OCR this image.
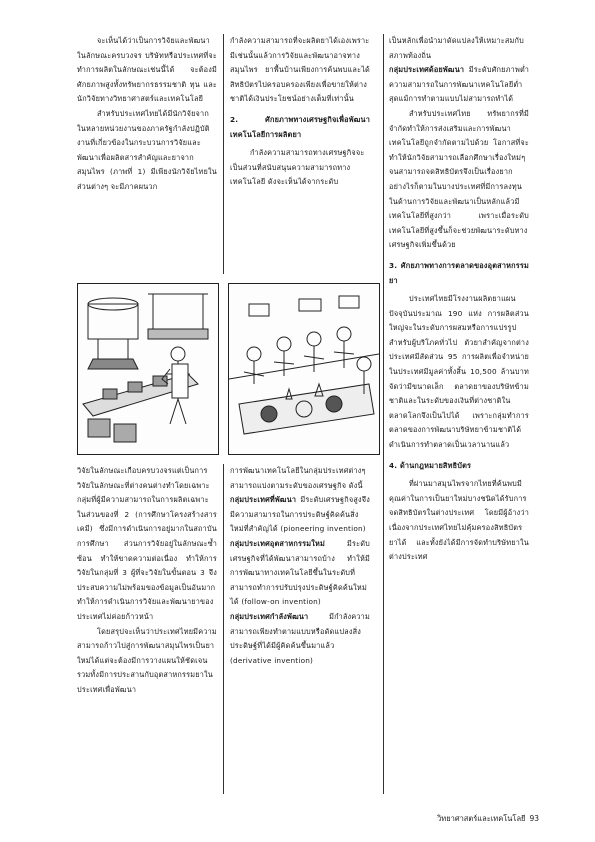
จะเห็นได้ว่าเป็นการวิจัยและพัฒนาในลักษณะครบวงจร บริษัทหรือประเทศที่จะทำการผลิตในลักษณะเช่นนี้ได้ จะต้องมีศักยภาพสูงทั้งทรัพยากรธรรมชาติ ทุน และนักวิจัยทางวิทยาศาสตร์และเทคโนโลยี

สำหรับประเทศไทยได้มีนักวิจัยจากในหลายหน่วยงานของภาครัฐกำลังปฏิบัติงานที่เกี่ยวข้องในกระบวนการวิจัยและพัฒนาเพื่อผลิตสารสำคัญและยาจากสมุนไพร (ภาพที่ 1) มีเพียงนักวิจัยไทยในส่วนต่างๆ จะมีภาคผนวก

กำลังความสามารถที่จะผลิตยาได้เองเพราะมีเช่นนั้นแล้วการวิจัยและพัฒนาอาจทาง สมุนไพร ยาพื้นบ้านเพียงการค้นพบและได้สิทธิบัตรไปครอบครองเพียงเพื่อขายให้ต่างชาติได้เงินประโยชน์อย่างเต็มที่เท่านั้น

2. ศักยภาพทางเศรษฐกิจเพื่อพัฒนาเทคโนโลยีการผลิตยา

กำลังความสามารถทางเศรษฐกิจจะเป็นส่วนที่สนับสนุนความสามารถทางเทคโนโลยี ดังจะเห็นได้จากระดับ

เป็นหลักเพื่อนำมาดัดแปลงให้เหมาะสมกับสภาพท้องถิ่น

กลุ่มประเทศด้อยพัฒนา มีระดับศักยภาพต่ำ ความสามารถในการพัฒนาเทคโนโลยีต่ำสุดแม้การทำตามแบบไม่สามารถทำได้

สำหรับประเทศไทย ทรัพยากรที่มีจำกัดทำให้การส่งเสริมและการพัฒนาเทคโนโลยีถูกจำกัดตามไปด้วย โอกาสที่จะทำให้นักวิจัยสามารถเลือกศึกษาเรื่องใหม่ๆ จนสามารถจดสิทธิบัตรจึงเป็นเรื่องยาก อย่างไรก็ตามในบางประเทศที่มีการลงทุนในด้านการวิจัยและพัฒนาเป็นหลักแล้วมีเทคโนโลยีที่สูงกว่า เพราะเมื่อระดับเทคโนโลยีที่สูงขึ้นก็จะช่วยพัฒนาระดับทางเศรษฐกิจเพิ่มขึ้นด้วย

3. ศักยภาพทางการตลาดของอุตสาหกรรมยา

ประเทศไทยมีโรงงานผลิตยาแผนปัจจุบันประมาณ 190 แห่ง การผลิตส่วนใหญ่จะในระดับการผสมหรือการแปรรูปสำหรับผู้บริโภคทั่วไป ตัวยาสำคัญจากต่างประเทศมีสัดส่วน 95 การผลิตเพื่อจำหน่ายในประเทศมีมูลค่าทั้งสิ้น 10,500 ล้านบาท จัดว่ามีขนาดเล็ก ตลาดยาของบริษัทข้ามชาติและในระดับของเงินที่ต่างชาติในตลาดโลกจึงเป็นไปได้ เพราะกลุ่มทำการตลาดของการพัฒนาบริษัทยาข้ามชาติได้ดำเนินการทำตลาดเป็นเวลานานแล้ว

4. ด้านกฎหมายสิทธิบัตร

ที่ผ่านมาสมุนไพรจากไทยที่ค้นพบมีคุณค่าในการเป็นยาใหม่บางชนิดได้รับการจดสิทธิบัตรในต่างประเทศ โดยมีผู้อ้างว่าเนื่องจากประเทศไทยไม่คุ้มครองสิทธิบัตรยาได้ และทั้งยังได้มีการจัดทำบริษัทยาในต่างประเทศ

วิจัยในลักษณะเกือบครบวงจรแต่เป็นการวิจัยในลักษณะที่ต่างคนต่างทำโดยเฉพาะกลุ่มที่ผู้มีความสามารถในการผลิตเฉพาะในส่วนของที่ 2 (การศึกษาโครงสร้างสารเคมี) ซึ่งมีการดำเนินการอยู่มากในสถาบันการศึกษา ส่วนการวิจัยอยู่ในลักษณะซ้ำซ้อน ทำให้ขาดความต่อเนื่อง ทำให้การวิจัยในกลุ่มที่ 3 ผู้ที่จะวิจัยในขั้นตอน 3 จึงประสบความไม่พร้อมของข้อมูลเป็นอันมากทำให้การดำเนินการวิจัยและพัฒนายาของประเทศไม่ค่อยก้าวหน้า

โดยสรุปจะเห็นว่าประเทศไทยมีความสามารถก้าวไปสู่การพัฒนาสมุนไพรเป็นยาใหม่ได้แต่จะต้องมีการวางแผนให้ชัดเจน รวมทั้งมีการประสานกับอุตสาหกรรมยาในประเทศเพื่อพัฒนา

การพัฒนาเทคโนโลยีในกลุ่มประเทศต่างๆ สามารถแบ่งตามระดับของเศรษฐกิจ ดังนี้

กลุ่มประเทศที่พัฒนา มีระดับเศรษฐกิจสูงจึงมีความสามารถในการประดิษฐ์คิดค้นสิ่งใหม่ที่สำคัญได้ (pioneering invention)

กลุ่มประเทศอุตสาหกรรมใหม่	มีระดับเศรษฐกิจที่ได้พัฒนาสามารถบ้าง ทำให้มีการพัฒนาทางเทคโนโลยีขึ้นในระดับที่สามารถทำการปรับปรุงประดิษฐ์คิดค้นใหม่ได้ (follow-on invention)

กลุ่มประเทศกำลังพัฒนา	มีกำลังความสามารถเพียงทำตามแบบหรือดัดแปลงสิ่งประดิษฐ์ที่ได้มีผู้คิดค้นขึ้นมาแล้ว (derivative invention)

วิทยาศาสตร์และเทคโนโลยี 93
